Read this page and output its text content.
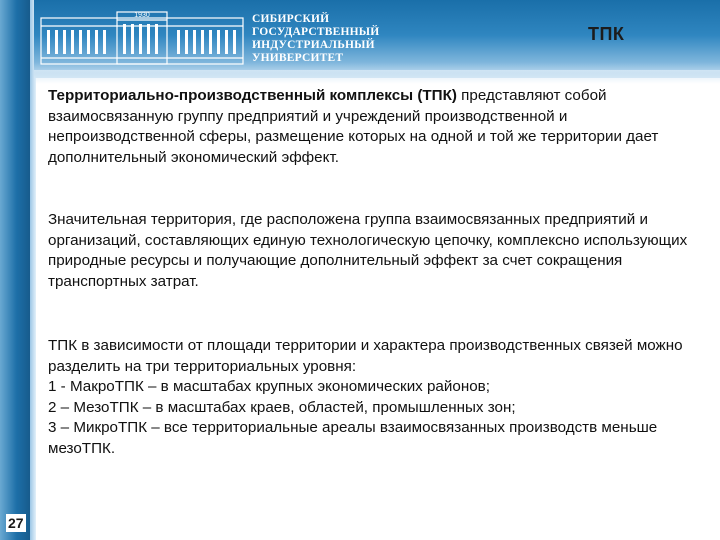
1930	СИБИРСКИЙ
ГОСУДАРСТВЕННЫЙ
ИНДУСТРИАЛЬНЫЙ
УНИВЕРСИТЕТ
ТПК

Территориально-производственный комплексы (ТПК) представляют собой взаимосвязанную группу предприятий и учреждений производственной и непроизводственной сферы, размещение которых на одной и той же территории дает дополнительный экономический эффект.

Значительная территория, где расположена группа взаимосвязанных предприятий и организаций, составляющих единую технологическую цепочку, комплексно использующих природные ресурсы и получающие дополнительный эффект за счет сокращения транспортных затрат.

ТПК в зависимости от площади территории и характера производственных связей можно разделить на три территориальных уровня:

1 - МакроТПК – в масштабах крупных экономических районов;

2 – МезоТПК – в масштабах краев, областей, промышленных зон;

3 – МикроТПК – все территориальные ареалы взаимосвязанных производств меньше мезоТПК.

27
